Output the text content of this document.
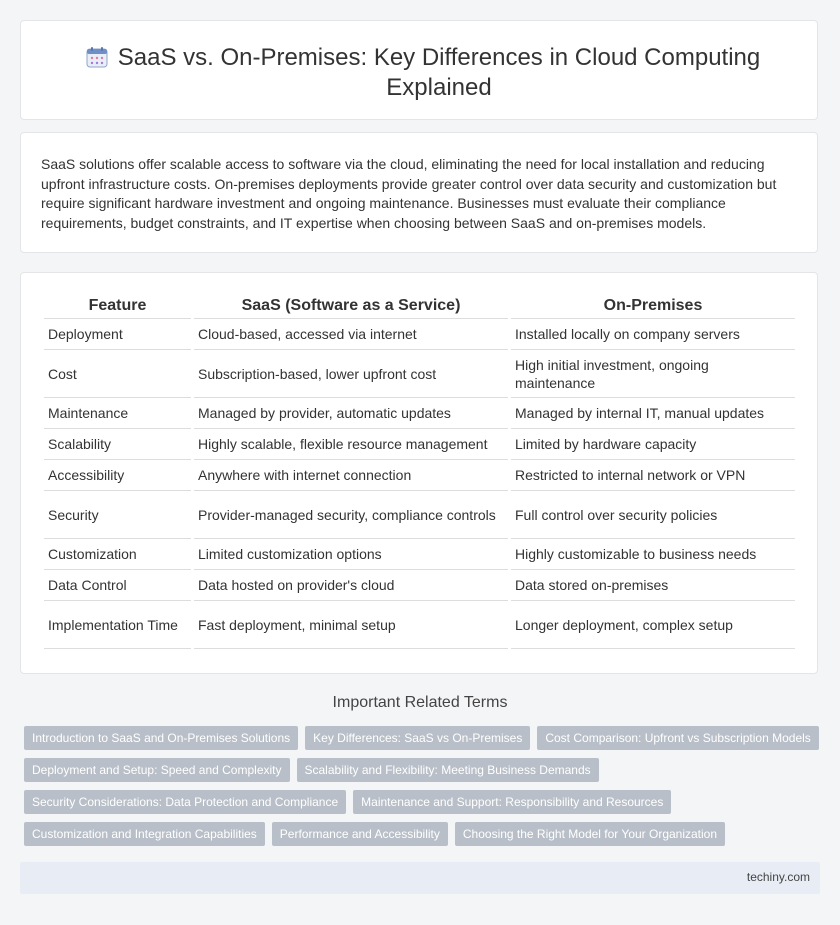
SaaS vs. On-Premises: Key Differences in Cloud Computing Explained

SaaS solutions offer scalable access to software via the cloud, eliminating the need for local installation and reducing upfront infrastructure costs. On-premises deployments provide greater control over data security and customization but require significant hardware investment and ongoing maintenance. Businesses must evaluate their compliance requirements, budget constraints, and IT expertise when choosing between SaaS and on-premises models.

Feature	SaaS (Software as a Service)	On-Premises
Deployment	Cloud-based, accessed via internet	Installed locally on company servers
Cost	Subscription-based, lower upfront cost	High initial investment, ongoing maintenance
Maintenance	Managed by provider, automatic updates	Managed by internal IT, manual updates
Scalability	Highly scalable, flexible resource management	Limited by hardware capacity
Accessibility	Anywhere with internet connection	Restricted to internal network or VPN
Security	Provider-managed security, compliance controls	Full control over security policies
Customization	Limited customization options	Highly customizable to business needs
Data Control	Data hosted on provider's cloud	Data stored on-premises
Implementation Time	Fast deployment, minimal setup	Longer deployment, complex setup
Important Related Terms
Introduction to SaaS and On-Premises Solutions	Key Differences: SaaS vs On-Premises	Cost Comparison: Upfront vs Subscription Models
Deployment and Setup: Speed and Complexity	Scalability and Flexibility: Meeting Business Demands
Security Considerations: Data Protection and Compliance	Maintenance and Support: Responsibility and Resources
Customization and Integration Capabilities	Performance and Accessibility	Choosing the Right Model for Your Organization
techiny.com
